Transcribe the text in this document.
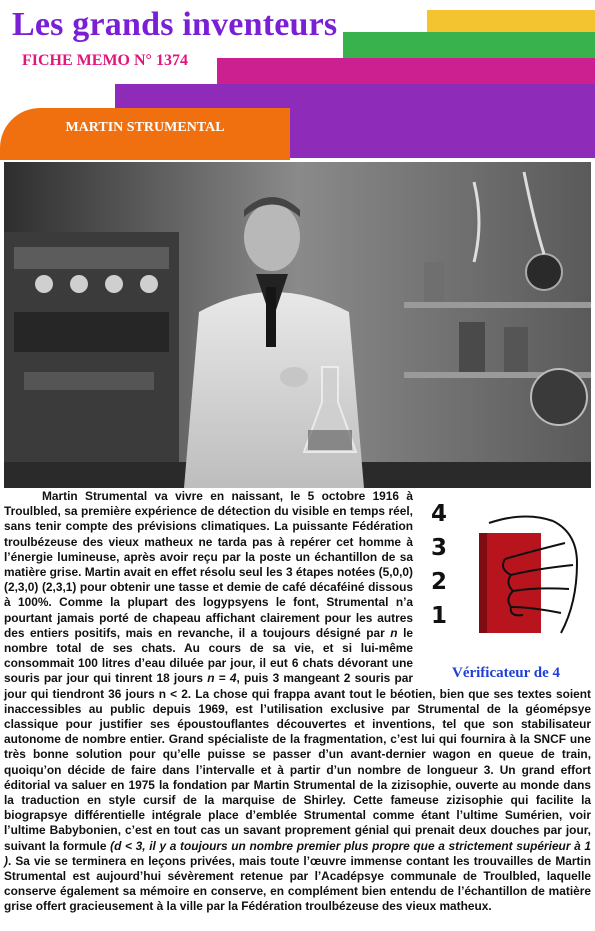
Les grands inventeurs
FICHE MEMO N° 1374
MARTIN STRUMENTAL
4
3
2
1
Vérificateur de 4

Martin Strumental va vivre en naissant, le 5 octobre 1916 à Troulbled, sa première expérience de détection du visible en temps réel, sans tenir compte des prévisions climatiques. La puissante Fédération troulbézeuse des vieux matheux ne tarda pas à repérer cet homme à l’énergie lumineuse, après avoir reçu par la poste un échantillon de sa matière grise. Martin avait en effet résolu seul les 3 étapes notées (5,0,0) (2,3,0) (2,3,1) pour obtenir une tasse et demie de café décaféiné dissous à 100%. Comme la plupart des logypsyens le font, Strumental n’a pourtant jamais porté de chapeau affichant clairement pour les autres des entiers positifs, mais en revanche, il a toujours désigné par n le nombre total de ses chats. Au cours de sa vie, et si lui-même consommait 100 litres d’eau diluée par jour, il eut 6 chats dévorant une souris par jour qui tinrent 18 jours n = 4, puis 3 mangeant 2 souris par jour qui tiendront 36 jours n < 2. La chose qui frappa avant tout le béotien, bien que ses textes soient inaccessibles au public depuis 1969, est l’utilisation exclusive par Strumental de la géomépsye classique pour justifier ses époustouflantes découvertes et inventions, tel que son stabilisateur autonome de nombre entier. Grand spécialiste de la fragmentation, c’est lui qui fournira à la SNCF une très bonne solution pour qu’elle puisse se passer d’un avant-dernier wagon en queue de train, quoiqu’on décide de faire dans l’intervalle et à partir d’un nombre de longueur 3. Un grand effort éditorial va saluer en 1975 la fondation par Martin Strumental de la zizisophie, ouverte au monde dans la traduction en style cursif de la marquise de Shirley. Cette fameuse zizisophie qui facilite la biograpsye différentielle intégrale place d’emblée Strumental comme étant l’ultime Sumérien, voir l’ultime Babybonien, c’est en tout cas un savant proprement génial qui prenait deux douches par jour, suivant la formule (d < 3, il y a toujours un nombre premier plus propre que a strictement supérieur à 1 ). Sa vie se terminera en leçons privées, mais toute l’œuvre immense contant les trouvailles de Martin Strumental est aujourd’hui sévèrement retenue par l’Acadépsye communale de Troulbled, laquelle conserve également sa mémoire en conserve, en complément bien entendu de l’échantillon de matière grise offert gracieusement à la ville par la Fédération troulbézeuse des vieux matheux.
